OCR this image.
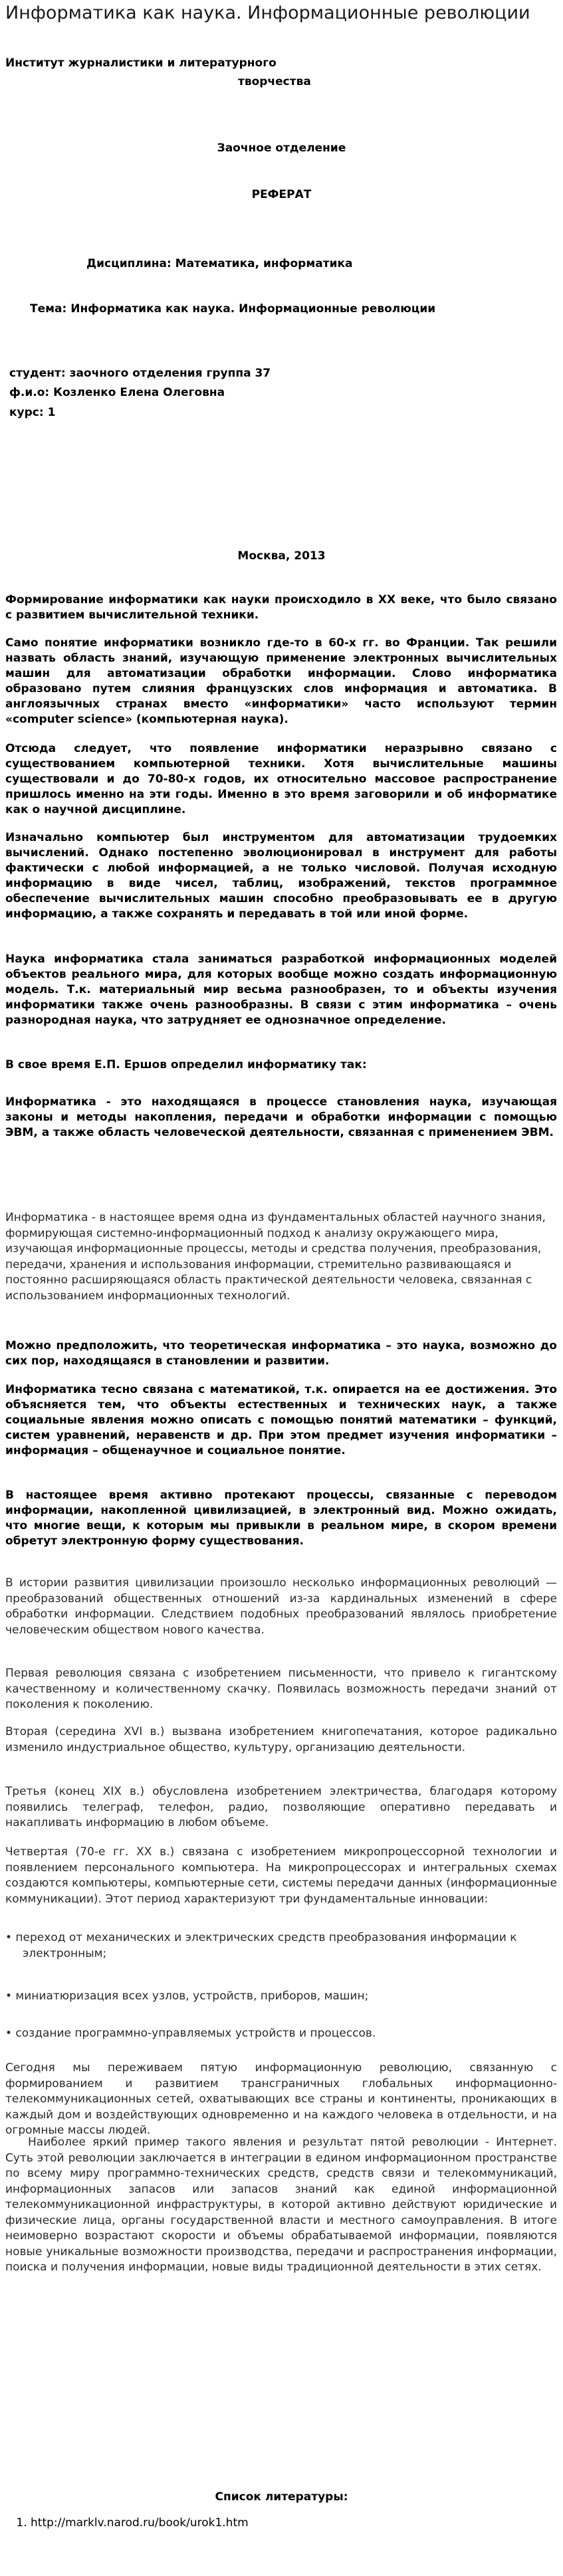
Информатика как наука. Информационные революции
Институт журналистики и литературного
творчества
Заочное отделение
РЕФЕРАТ
Дисциплина: Математика, информатика
Тема: Информатика как наука. Информационные революции
студент: заочного отделения группа 37
ф.и.о: Козленко Елена Олеговна
курс: 1
Москва, 2013

Формирование информатики как науки происходило в XX веке, что было связано с развитием вычислительной техники.

Само понятие информатики возникло где-то в 60-х гг. во Франции. Так решили назвать область знаний, изучающую применение электронных вычислительных машин для автоматизации обработки информации. Слово информатика образовано путем слияния французских слов информация и автоматика. В англоязычных странах вместо «информатики» часто используют термин «computer science» (компьютерная наука).

Отсюда следует, что появление информатики неразрывно связано с существованием компьютерной техники. Хотя вычислительные машины существовали и до 70-80-х годов, их относительно массовое распространение пришлось именно на эти годы. Именно в это время заговорили и об информатике как о научной дисциплине.

Изначально компьютер был инструментом для автоматизации трудоемких вычислений. Однако постепенно эволюционировал в инструмент для работы фактически с любой информацией, а не только числовой. Получая исходную информацию в виде чисел, таблиц, изображений, текстов программное обеспечение вычислительных машин способно преобразовывать ее в другую информацию, а также сохранять и передавать в той или иной форме.

Наука информатика стала заниматься разработкой информационных моделей объектов реального мира, для которых вообще можно создать информационную модель. Т.к. материальный мир весьма разнообразен, то и объекты изучения информатики также очень разнообразны. В связи с этим информатика – очень разнородная наука, что затрудняет ее однозначное определение.

В свое время Е.П. Ершов определил информатику так:

Информатика - это находящаяся в процессе становления наука, изучающая законы и методы накопления, передачи и обработки информации с помощью ЭВМ, а также область человеческой деятельности, связанная с применением ЭВМ.

Информатика - в настоящее время одна из фундаментальных областей научного знания, формирующая системно-информационный подход к анализу окружающего мира, изучающая информационные процессы, методы и средства получения, преобразования, передачи, хранения и использования информации, стремительно развивающаяся и постоянно расширяющаяся область практической деятельности человека, связанная с использованием информационных технологий.

Можно предположить, что теоретическая информатика – это наука, возможно до сих пор, находящаяся в становлении и развитии.

Информатика тесно связана с математикой, т.к. опирается на ее достижения. Это объясняется тем, что объекты естественных и технических наук, а также социальные явления можно описать с помощью понятий математики – функций, систем уравнений, неравенств и др. При этом предмет изучения информатики – информация – общенаучное и социальное понятие.

В настоящее время активно протекают процессы, связанные с переводом информации, накопленной цивилизацией, в электронный вид. Можно ожидать, что многие вещи, к которым мы привыкли в реальном мире, в скором времени обретут электронную форму существования.

В истории развития цивилизации произошло несколько информационных революций — преобразований общественных отношений из-за кардинальных изменений в сфере обработки информации. Следствием подобных преобразований являлось приобретение человеческим обществом нового качества.

Первая революция связана с изобретением письменности, что привело к гигантскому качественному и количественному скачку. Появилась возможность передачи знаний от поколения к поколению.

Вторая (середина XVI в.) вызвана изобретением книгопечатания, которое радикально изменило индустриальное общество, культуру, организацию деятельности.

Третья (конец XIX в.) обусловлена изобретением электричества, благодаря которому появились телеграф, телефон, радио, позволяющие оперативно передавать и накапливать информацию в любом объеме.

Четвертая (70-е гг. XX в.) связана с изобретением микропроцессорной технологии и появлением персонального компьютера. На микропроцессорах и интегральных схемах создаются компьютеры, компьютерные сети, системы передачи данных (информационные коммуникации). Этот период характеризуют три фундаментальные инновации:

• переход от механических и электрических средств преобразования информации к
электронным;
• миниатюризация всех узлов, устройств, приборов, машин;
• создание программно-управляемых устройств и процессов.

Сегодня мы переживаем пятую информационную революцию, связанную с формированием и развитием трансграничных глобальных информационно-телекоммуникационных сетей, охватывающих все страны и континенты, проникающих в каждый дом и воздействующих одновременно и на каждого человека в отдельности, и на огромные массы людей.

Наиболее яркий пример такого явления и результат пятой революции - Интернет. Суть этой революции заключается в интеграции в едином информационном пространстве по всему миру программно-технических средств, средств связи и телекоммуникаций, информационных запасов или запасов знаний как единой информационной телекоммуникационной инфраструктуры, в которой активно действуют юридические и физические лица, органы государственной власти и местного самоуправления. В итоге неимоверно возрастают скорости и объемы обрабатываемой информации, появляются новые уникальные возможности производства, передачи и распространения информации, поиска и получения информации, новые виды традиционной деятельности в этих сетях.

Список литературы:
1. http://marklv.narod.ru/book/urok1.htm
